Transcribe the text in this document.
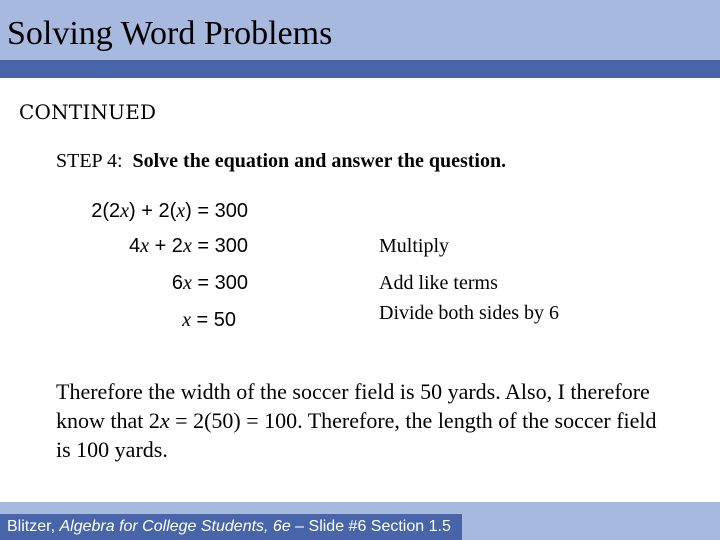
Solving Word Problems
CONTINUED
STEP 4: Solve the equation and answer the question.
2(2x) + 2(x) = 300
4x + 2x = 300
6x = 300
x = 50
Multiply
Add like terms
Divide both sides by 6
Therefore the width of the soccer field is 50 yards. Also, I therefore know that 2x = 2(50) = 100. Therefore, the length of the soccer field is 100 yards.
Blitzer, Algebra for College Students, 6e – Slide #6 Section 1.5
